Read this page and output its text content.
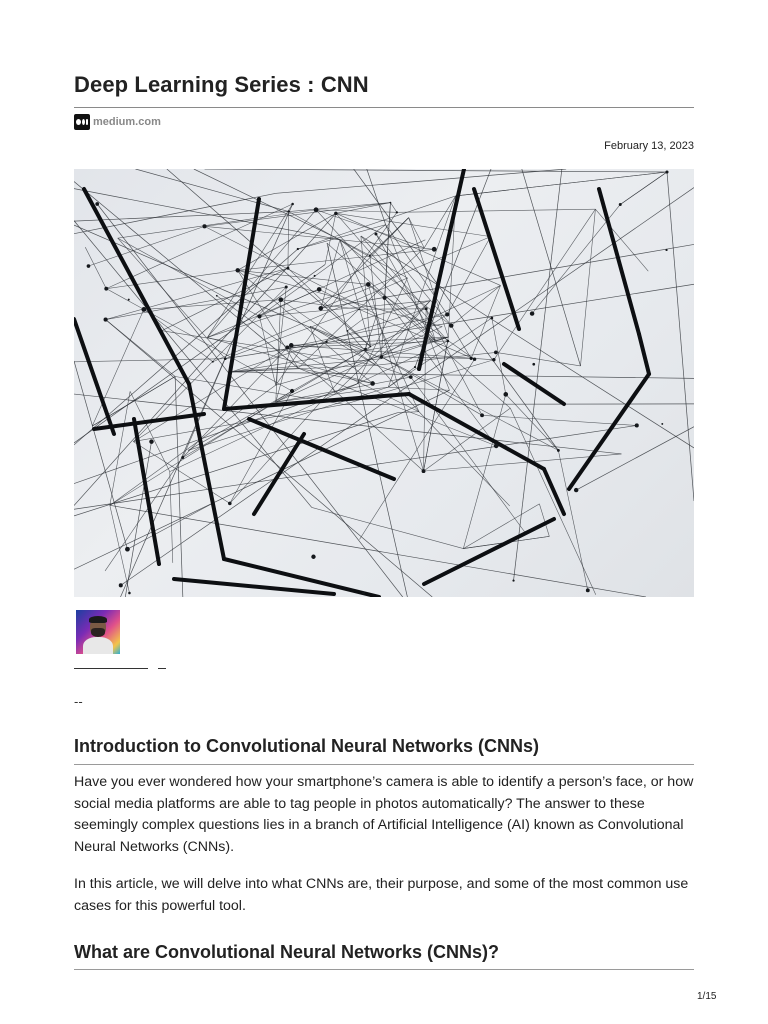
Deep Learning Series : CNN
medium.com
February 13, 2023
--
Introduction to Convolutional Neural Networks (CNNs)

Have you ever wondered how your smartphone’s camera is able to identify a person’s face, or how social media platforms are able to tag people in photos automatically? The answer to these seemingly complex questions lies in a branch of Artificial Intelligence (AI) known as Convolutional Neural Networks (CNNs).

In this article, we will delve into what CNNs are, their purpose, and some of the most common use cases for this powerful tool.

What are Convolutional Neural Networks (CNNs)?
1/15
